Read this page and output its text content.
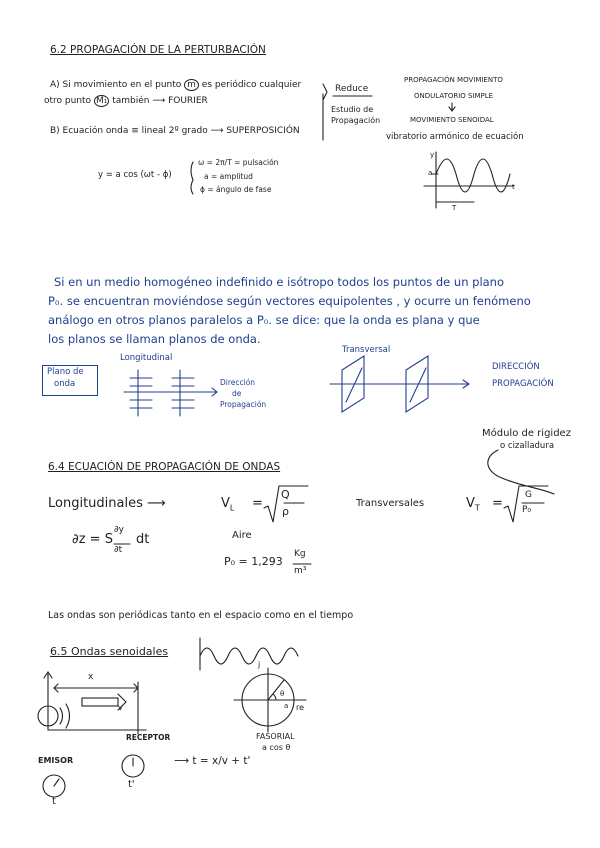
6.2 PROPAGACIÓN DE LA PERTURBACIÓN
A) Si movimiento en el punto m es periódico cualquier
otro punto M₁ también ⟶ FOURIER
B) Ecuación onda ≡ lineal 2º grado ⟶ SUPERPOSICIÓN
Reduce
Estudio de
Propagación
PROPAGACIÓN MOVIMIENTO
ONDULATORIO SIMPLE
MOVIMIENTO SENOIDAL
vibratorio armónico de ecuación
y = a cos (ωt - ϕ)
ω = 2π/T = pulsación
a = amplitud
ϕ = ángulo de fase
y
a
t
T
Si en un medio homogéneo indefinido e isótropo todos los puntos de un plano
P₀. se encuentran moviéndose según vectores equipolentes , y ocurre un fenómeno
análogo en otros planos paralelos a P₀. se dice: que la onda es plana y que
los planos se llaman planos de onda.
Plano de
onda
Longitudinal
Dirección
de
Propagación
Transversal
DIRECCIÓN
PROPAGACIÓN
Módulo de rigidez
o cizalladura
6.4 ECUACIÓN DE PROPAGACIÓN DE ONDAS
Longitudinales ⟶	$V_L$ =
Q
ρ
Transversales	$V_T$ =
G
P₀
∂z = S
∂y
∂t
dt	Aire
P₀ = 1,293
Kg
m³
Las ondas son periódicas tanto en el espacio como en el tiempo
6.5 Ondas senoidales
x
v
RECEPTOR
j
θ
a re
FASORIAL
a cos θ
EMISOR
t
t'
⟶ t = x/v + t'
